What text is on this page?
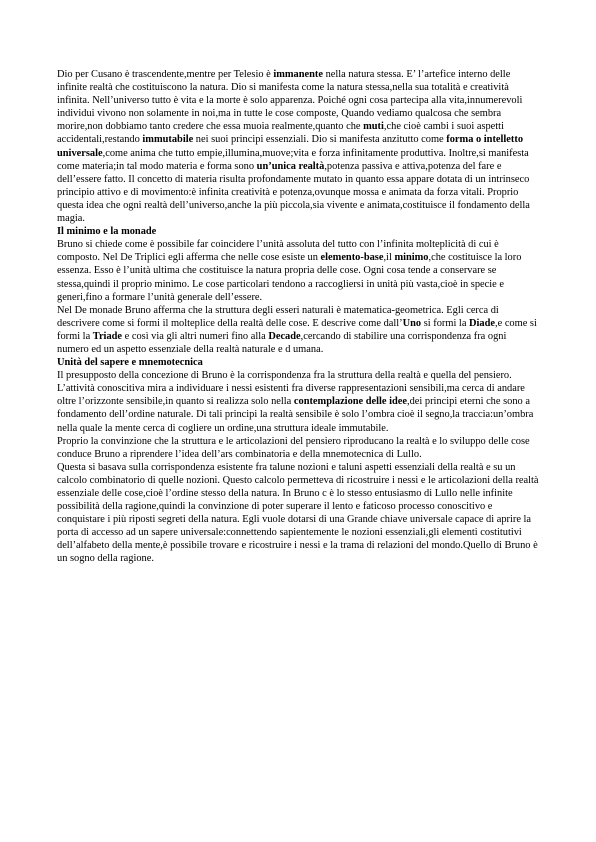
Dio per Cusano è trascendente,mentre per Telesio è immanente nella natura stessa. E’ l’artefice interno delle infinite realtà che costituiscono la natura. Dio si manifesta come la natura stessa,nella sua totalità e creatività infinita. Nell’universo tutto è vita e la morte è solo apparenza. Poiché ogni cosa partecipa alla vita,innumerevoli individui vivono non solamente in noi,ma in tutte le cose composte, Quando vediamo qualcosa che sembra morire,non dobbiamo tanto credere che essa muoia realmente,quanto che muti,che cioè cambi i suoi aspetti accidentali,restando immutabile nei suoi principi essenziali. Dio si manifesta anzitutto come forma o intelletto universale,come anima che tutto empie,illumina,muove;vita e forza infinitamente produttiva. Inoltre,si manifesta come materia;in tal modo materia e forma sono un’unica realtà,potenza passiva e attiva,potenza del fare e dell’essere fatto. Il concetto di materia risulta profondamente mutato in quanto essa appare dotata di un intrinseco principio attivo e di movimento:è infinita creatività e potenza,ovunque mossa e animata da forza vitali. Proprio questa idea che ogni realtà dell’universo,anche la più piccola,sia vivente e animata,costituisce il fondamento della magia.

Il minimo e la monade

Bruno si chiede come è possibile far coincidere l’unità assoluta del tutto con l’infinita molteplicità di cui è composto. Nel De Triplici egli afferma che nelle cose esiste un elemento-base,il minimo,che costituisce la loro essenza. Esso è l’unità ultima che costituisce la natura propria delle cose. Ogni cosa tende a conservare se stessa,quindi il proprio minimo. Le cose particolari tendono a raccogliersi in unità più vasta,cioè in specie e generi,fino a formare l’unità generale dell’essere.

Nel De monade Bruno afferma che la struttura degli esseri naturali è matematica-geometrica. Egli cerca di descrivere come si formi il molteplice della realtà delle cose. E descrive come dall’Uno si formi la Diade,e come si formi la Triade e così via gli altri numeri fino alla Decade,cercando di stabilire una corrispondenza fra ogni numero ed un aspetto essenziale della realtà naturale e d umana.

Unità del sapere e mnemotecnica

Il presupposto della concezione di Bruno è la corrispondenza fra la struttura della realtà e quella del pensiero. L’attività conoscitiva mira a individuare i nessi esistenti fra diverse rappresentazioni sensibili,ma cerca di andare oltre l’orizzonte sensibile,in quanto si realizza solo nella contemplazione delle idee,dei principi eterni che sono a fondamento dell’ordine naturale. Di tali principi la realtà sensibile è solo l’ombra cioè il segno,la traccia:un’ombra nella quale la mente cerca di cogliere un ordine,una struttura ideale immutabile.

Proprio la convinzione che la struttura e le articolazioni del pensiero riproducano la realtà e lo sviluppo delle cose conduce Bruno a riprendere l’idea dell’ars combinatoria e della mnemotecnica di Lullo.

Questa si basava sulla corrispondenza esistente fra talune nozioni e taluni aspetti essenziali della realtà e su un calcolo combinatorio di quelle nozioni. Questo calcolo permetteva di ricostruire i nessi e le articolazioni della realtà essenziale delle cose,cioè l’ordine stesso della natura. In Bruno c è lo stesso entusiasmo di Lullo nelle infinite possibilità della ragione,quindi la convinzione di poter superare il lento e faticoso processo conoscitivo e conquistare i più riposti segreti della natura. Egli vuole dotarsi di una Grande chiave universale capace di aprire la porta di accesso ad un sapere universale:connettendo sapientemente le nozioni essenziali,gli elementi costitutivi dell’alfabeto della mente,è possibile trovare e ricostruire i nessi e la trama di relazioni del mondo.Quello di Bruno è un sogno della ragione.
